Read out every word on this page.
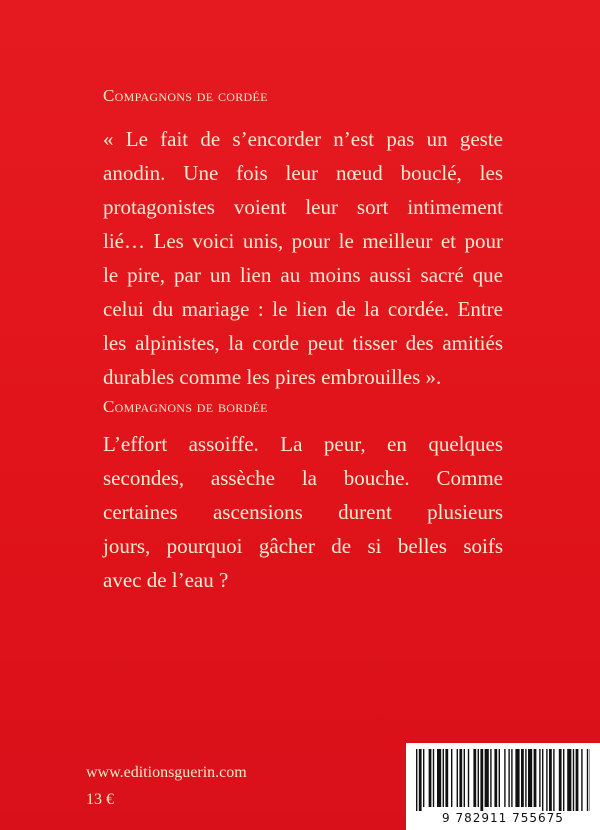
Compagnons de cordée
« Le fait de s’encorder n’est pas un geste
anodin. Une fois leur nœud bouclé, les
protagonistes voient leur sort intimement
lié… Les voici unis, pour le meilleur et pour
le pire, par un lien au moins aussi sacré que
celui du mariage : le lien de la cordée. Entre
les alpinistes, la corde peut tisser des amitiés
durables comme les pires embrouilles ».
Compagnons de bordée
L’effort assoiffe. La peur, en quelques
secondes, assèche la bouche. Comme
certaines ascensions durent plusieurs
jours, pourquoi gâcher de si belles soifs
avec de l’eau ?
www.editionsguerin.com
13 €
9 782911 755675
